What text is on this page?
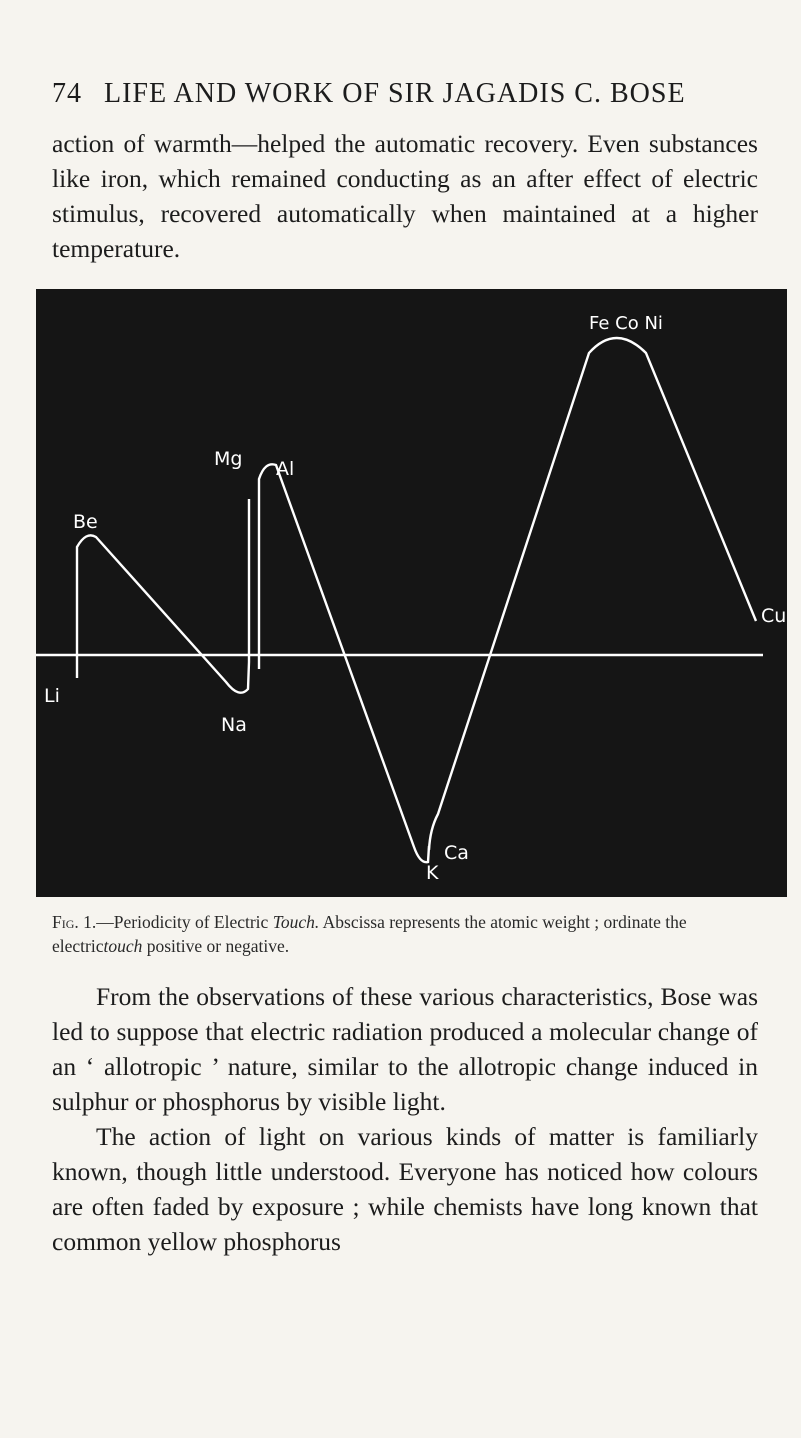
74 LIFE AND WORK OF SIR JAGADIS C. BOSE

action of warmth—helped the automatic recovery. Even substances like iron, which remained conducting as an after effect of electric stimulus, recovered automatically when maintained at a higher temperature.

Li
Be
Na
Mg Al
K
Ca
Fe Co Ni
Cu
Fig. 1.—Periodicity of Electric Touch. Abscissa represents the atomic weight ; ordinate the electrictouch positive or negative.

From the observations of these various characteristics, Bose was led to suppose that electric radiation produced a molecular change of an ‘ allotropic ’ nature, similar to the allotropic change induced in sulphur or phosphorus by visible light.

The action of light on various kinds of matter is familiarly known, though little understood. Everyone has noticed how colours are often faded by exposure ; while chemists have long known that common yellow phosphorus
